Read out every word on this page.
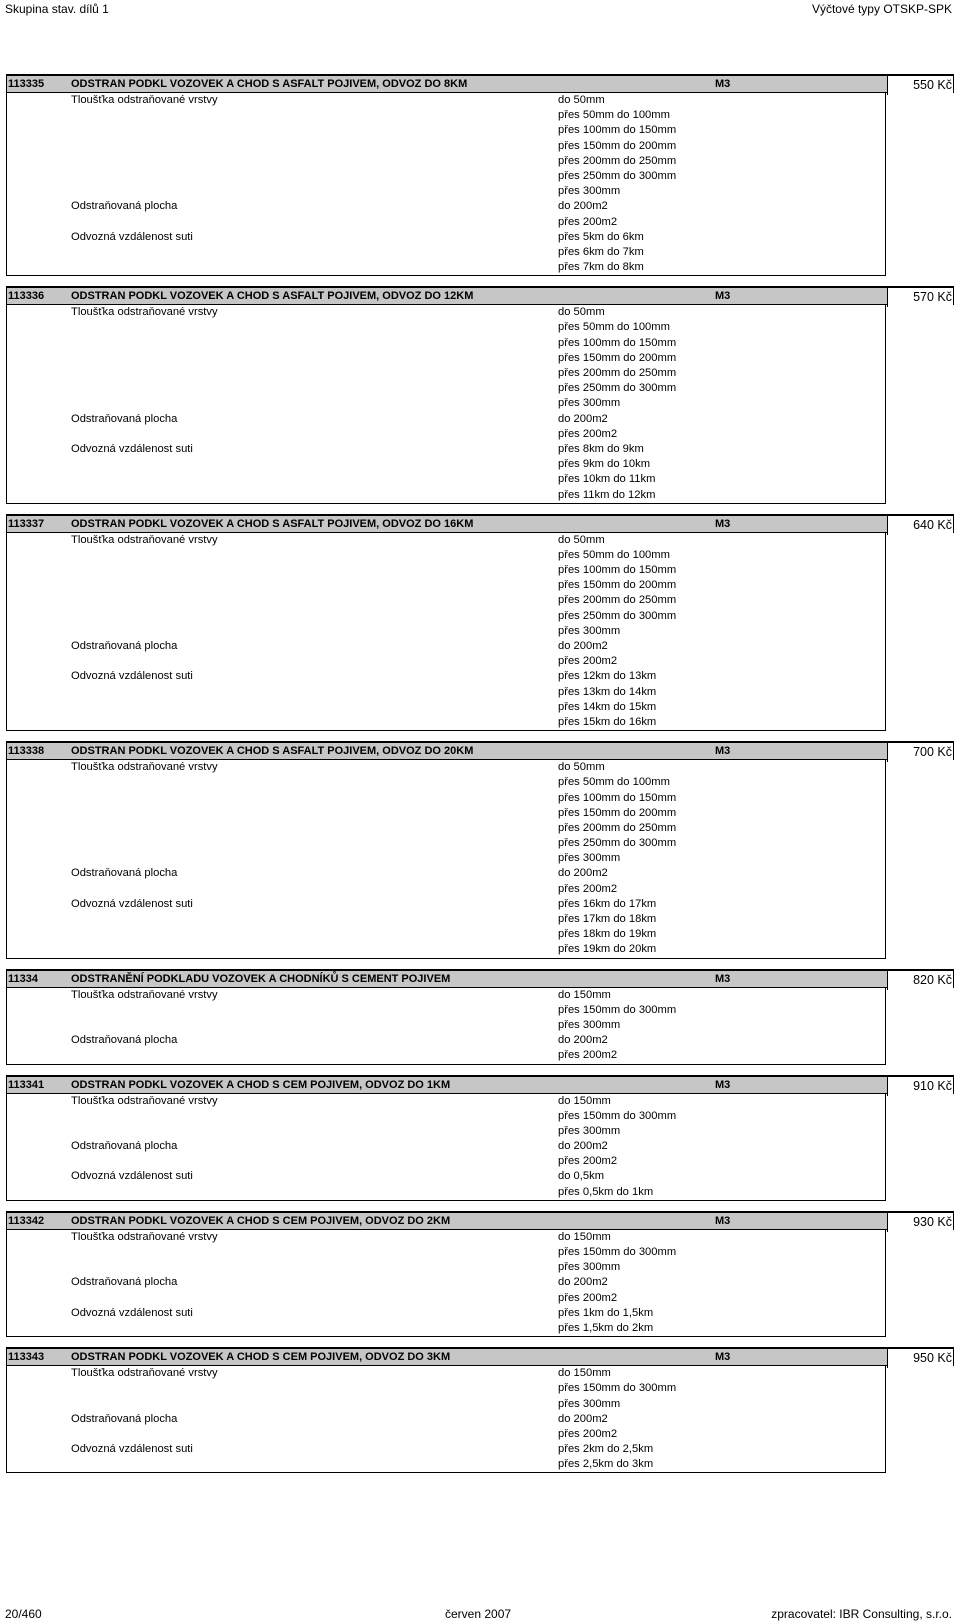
Skupina stav. dílů 1	Výčtové typy OTSKP-SPK
113335 ODSTRAN PODKL VOZOVEK A CHOD S ASFALT POJIVEM, ODVOZ DO 8KM	M3	550 Kč
Tloušťka odstraňované vrstvy	do 50mm
přes 50mm do 100mm
přes 100mm do 150mm
přes 150mm do 200mm
přes 200mm do 250mm
přes 250mm do 300mm
přes 300mm
Odstraňovaná plocha	do 200m2
přes 200m2
Odvozná vzdálenost suti	přes 5km do 6km
přes 6km do 7km
přes 7km do 8km
113336 ODSTRAN PODKL VOZOVEK A CHOD S ASFALT POJIVEM, ODVOZ DO 12KM	M3	570 Kč
Tloušťka odstraňované vrstvy	do 50mm
přes 50mm do 100mm
přes 100mm do 150mm
přes 150mm do 200mm
přes 200mm do 250mm
přes 250mm do 300mm
přes 300mm
Odstraňovaná plocha	do 200m2
přes 200m2
Odvozná vzdálenost suti	přes 8km do 9km
přes 9km do 10km
přes 10km do 11km
přes 11km do 12km
113337 ODSTRAN PODKL VOZOVEK A CHOD S ASFALT POJIVEM, ODVOZ DO 16KM	M3	640 Kč
Tloušťka odstraňované vrstvy	do 50mm
přes 50mm do 100mm
přes 100mm do 150mm
přes 150mm do 200mm
přes 200mm do 250mm
přes 250mm do 300mm
přes 300mm
Odstraňovaná plocha	do 200m2
přes 200m2
Odvozná vzdálenost suti	přes 12km do 13km
přes 13km do 14km
přes 14km do 15km
přes 15km do 16km
113338 ODSTRAN PODKL VOZOVEK A CHOD S ASFALT POJIVEM, ODVOZ DO 20KM	M3	700 Kč
Tloušťka odstraňované vrstvy	do 50mm
přes 50mm do 100mm
přes 100mm do 150mm
přes 150mm do 200mm
přes 200mm do 250mm
přes 250mm do 300mm
přes 300mm
Odstraňovaná plocha	do 200m2
přes 200m2
Odvozná vzdálenost suti	přes 16km do 17km
přes 17km do 18km
přes 18km do 19km
přes 19km do 20km
11334	ODSTRANĚNÍ PODKLADU VOZOVEK A CHODNÍKŮ S CEMENT POJIVEM	M3	820 Kč
Tloušťka odstraňované vrstvy	do 150mm
přes 150mm do 300mm
přes 300mm
Odstraňovaná plocha	do 200m2
přes 200m2
113341 ODSTRAN PODKL VOZOVEK A CHOD S CEM POJIVEM, ODVOZ DO 1KM	M3	910 Kč
Tloušťka odstraňované vrstvy	do 150mm
přes 150mm do 300mm
přes 300mm
Odstraňovaná plocha	do 200m2
přes 200m2
Odvozná vzdálenost suti	do 0,5km
přes 0,5km do 1km
113342 ODSTRAN PODKL VOZOVEK A CHOD S CEM POJIVEM, ODVOZ DO 2KM	M3	930 Kč
Tloušťka odstraňované vrstvy	do 150mm
přes 150mm do 300mm
přes 300mm
Odstraňovaná plocha	do 200m2
přes 200m2
Odvozná vzdálenost suti	přes 1km do 1,5km
přes 1,5km do 2km
113343 ODSTRAN PODKL VOZOVEK A CHOD S CEM POJIVEM, ODVOZ DO 3KM	M3	950 Kč
Tloušťka odstraňované vrstvy	do 150mm
přes 150mm do 300mm
přes 300mm
Odstraňovaná plocha	do 200m2
přes 200m2
Odvozná vzdálenost suti	přes 2km do 2,5km
přes 2,5km do 3km
20/460	červen 2007	zpracovatel: IBR Consulting, s.r.o.
